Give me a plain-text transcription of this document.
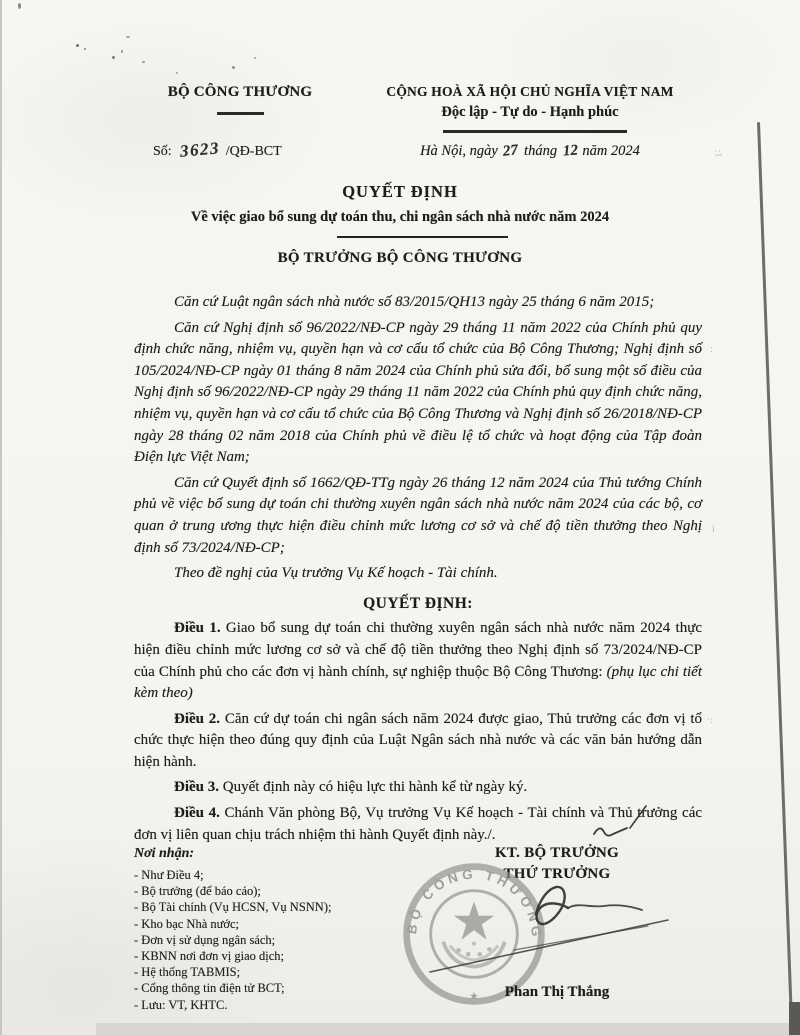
:1
:
ì
·:
BỘ CÔNG THƯƠNG
Số: 3623 /QĐ-BCT
CỘNG HOÀ XÃ HỘI CHỦ NGHĨA VIỆT NAM
Độc lập - Tự do - Hạnh phúc
Hà Nội, ngày 27 tháng 12 năm 2024
QUYẾT ĐỊNH
Về việc giao bổ sung dự toán thu, chi ngân sách nhà nước năm 2024
BỘ TRƯỞNG BỘ CÔNG THƯƠNG

Căn cứ Luật ngân sách nhà nước số 83/2015/QH13 ngày 25 tháng 6 năm 2015;

Căn cứ Nghị định số 96/2022/NĐ-CP ngày 29 tháng 11 năm 2022 của Chính phủ quy định chức năng, nhiệm vụ, quyền hạn và cơ cấu tổ chức của Bộ Công Thương; Nghị định số 105/2024/NĐ-CP ngày 01 tháng 8 năm 2024 của Chính phủ sửa đổi, bổ sung một số điều của Nghị định số 96/2022/NĐ-CP ngày 29 tháng 11 năm 2022 của Chính phủ quy định chức năng, nhiệm vụ, quyền hạn và cơ cấu tổ chức của Bộ Công Thương và Nghị định số 26/2018/NĐ-CP ngày 28 tháng 02 năm 2018 của Chính phủ về điều lệ tổ chức và hoạt động của Tập đoàn Điện lực Việt Nam;

Căn cứ Quyết định số 1662/QĐ-TTg ngày 26 tháng 12 năm 2024 của Thủ tướng Chính phủ về việc bổ sung dự toán chi thường xuyên ngân sách nhà nước năm 2024 của các bộ, cơ quan ở trung ương thực hiện điều chỉnh mức lương cơ sở và chế độ tiền thưởng theo Nghị định số 73/2024/NĐ-CP;

Theo đề nghị của Vụ trưởng Vụ Kế hoạch - Tài chính.

QUYẾT ĐỊNH:

Điều 1. Giao bổ sung dự toán chi thường xuyên ngân sách nhà nước năm 2024 thực hiện điều chỉnh mức lương cơ sở và chế độ tiền thưởng theo Nghị định số 73/2024/NĐ-CP của Chính phủ cho các đơn vị hành chính, sự nghiệp thuộc Bộ Công Thương: (phụ lục chi tiết kèm theo)

Điều 2. Căn cứ dự toán chi ngân sách năm 2024 được giao, Thủ trưởng các đơn vị tổ chức thực hiện theo đúng quy định của Luật Ngân sách nhà nước và các văn bản hướng dẫn hiện hành.

Điều 3. Quyết định này có hiệu lực thi hành kể từ ngày ký.

Điều 4. Chánh Văn phòng Bộ, Vụ trưởng Vụ Kế hoạch - Tài chính và Thủ trưởng các đơn vị liên quan chịu trách nhiệm thi hành Quyết định này./.

Nơi nhận:
- Như Điều 4;
- Bộ trưởng (để báo cáo);
- Bộ Tài chính (Vụ HCSN, Vụ NSNN);
- Kho bạc Nhà nước;
- Đơn vị sử dụng ngân sách;
- KBNN nơi đơn vị giao dịch;
- Hệ thống TABMIS;
- Cổng thông tin điện tử BCT;
- Lưu: VT, KHTC.
KT. BỘ TRƯỞNG
THỨ TRƯỞNG
BỘ CÔNG THƯƠNG
★	Phan Thị Thắng
